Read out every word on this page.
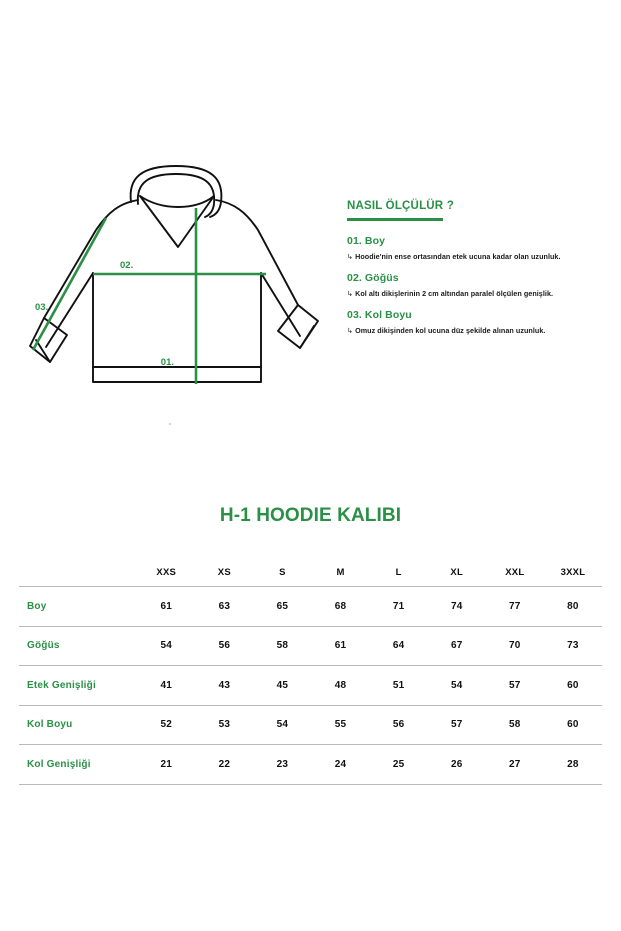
02.
03.
01.
NASIL ÖLÇÜLÜR ?

01. Boy

↳ Hoodie'nin ense ortasından etek ucuna kadar olan uzunluk.

02. Göğüs

↳ Kol altı dikişlerinin 2 cm altından paralel ölçülen genişlik.

03. Kol Boyu

↳ Omuz dikişinden kol ucuna düz şekilde alınan uzunluk.

H-1 HOODIE KALIBI
	XXS	XS	S	M	L	XL	XXL	3XXL
Boy	61	63	65	68	71	74	77	80
Göğüs	54	56	58	61	64	67	70	73
Etek Genişliği	41	43	45	48	51	54	57	60
Kol Boyu	52	53	54	55	56	57	58	60
Kol Genişliği	21	22	23	24	25	26	27	28
